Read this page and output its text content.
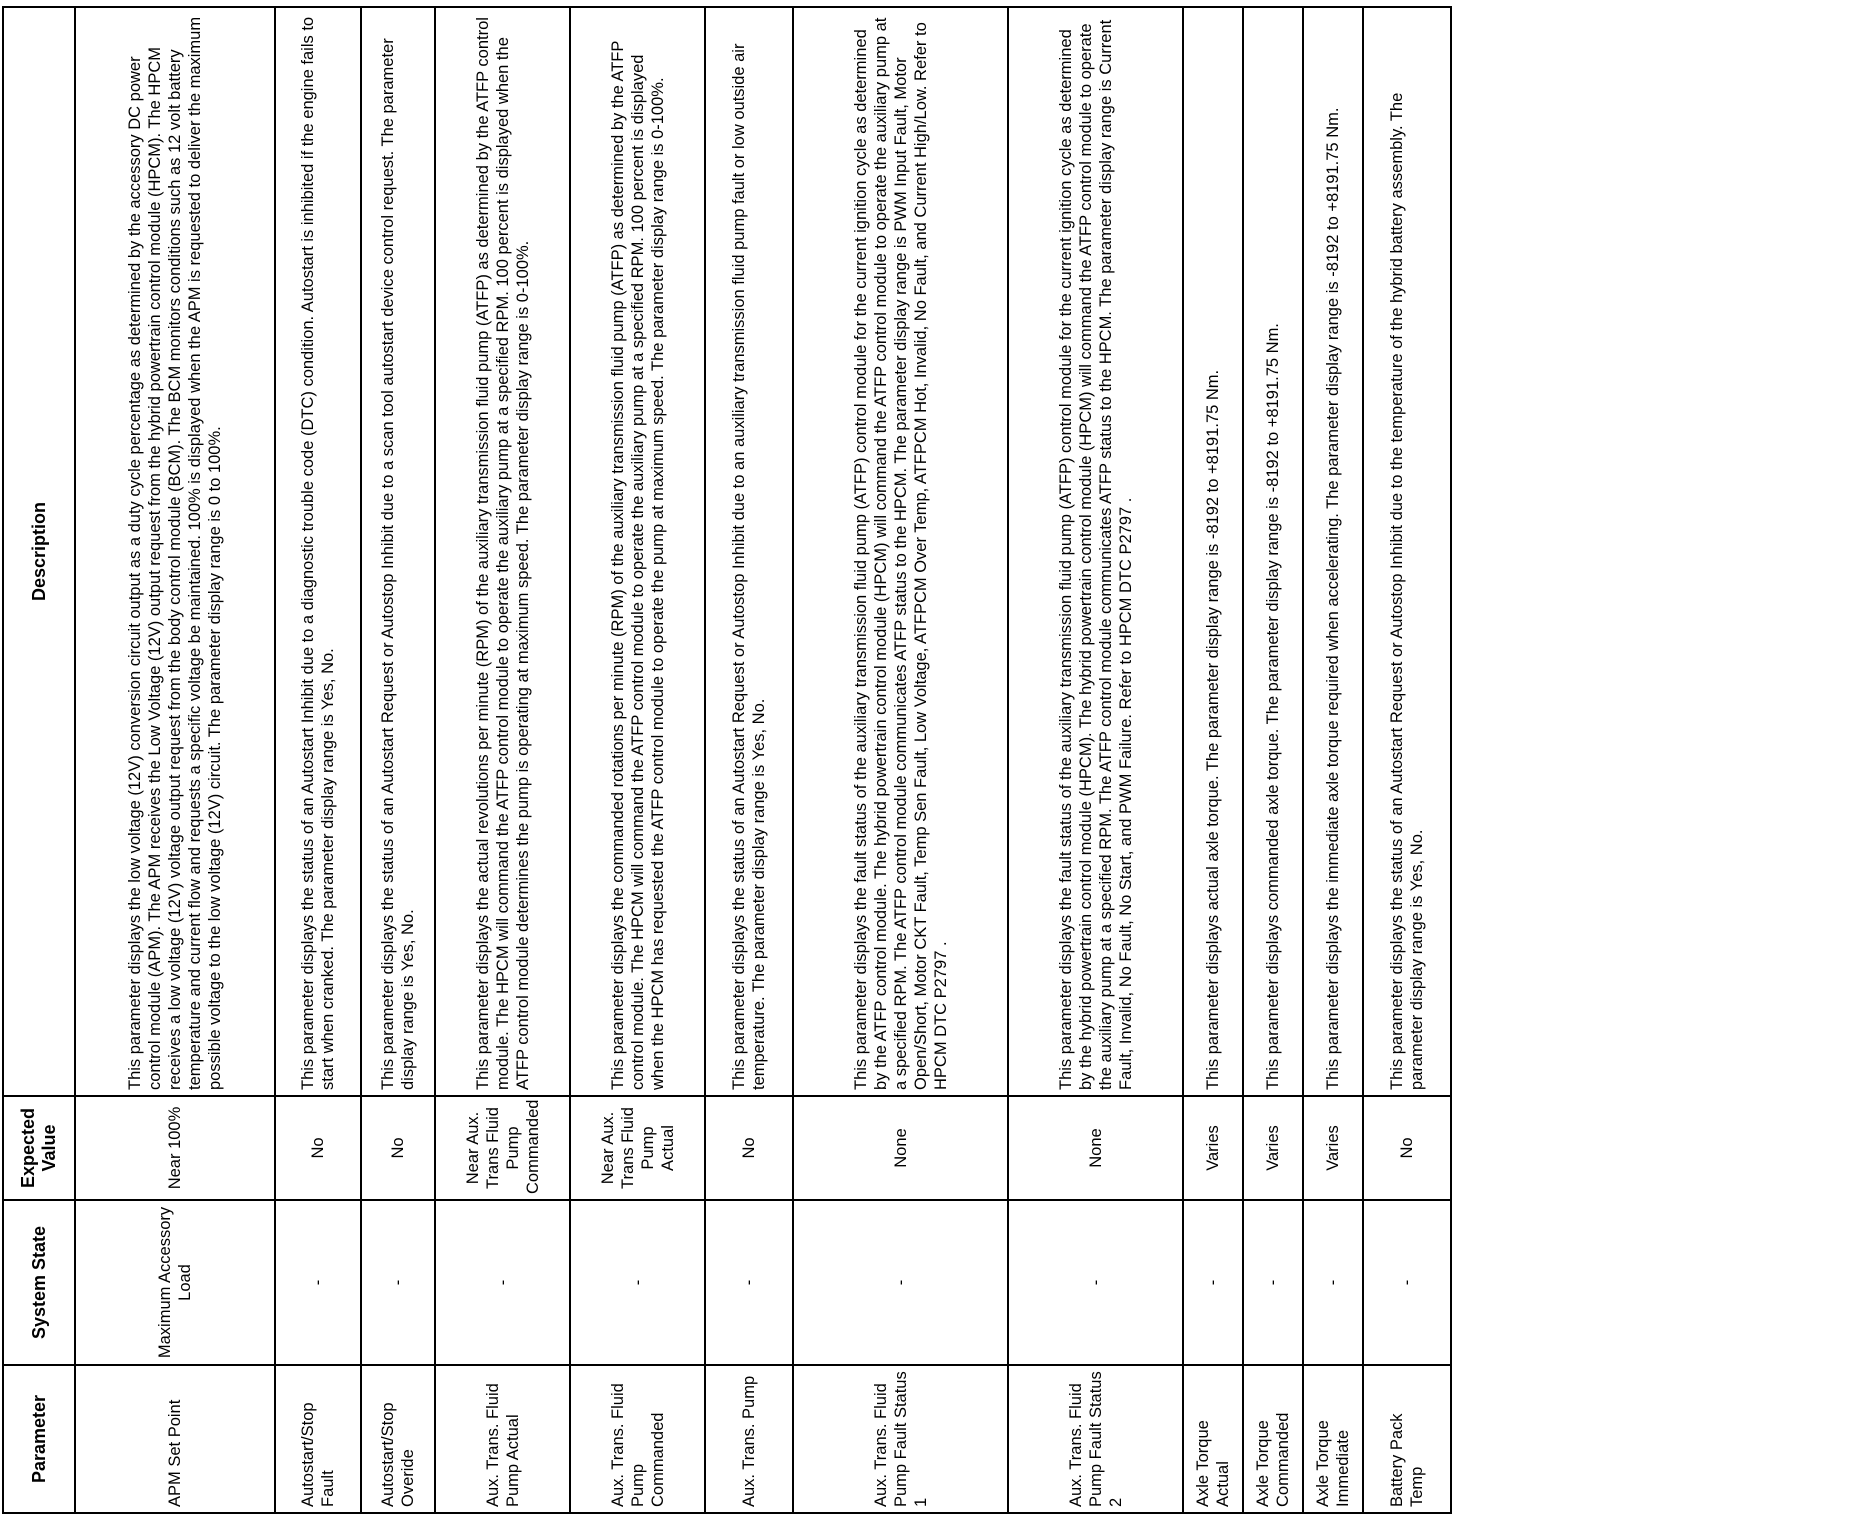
Parameter	System State	Expected Value	Description
APM Set Point	Maximum Accessory Load	Near 100%	This parameter displays the low voltage (12V) conversion circuit output as a duty cycle percentage as determined by the accessory DC power control module (APM). The APM receives the Low Voltage (12V) output request from the hybrid powertrain control module (HPCM). The HPCM receives a low voltage (12V) voltage output request from the body control module (BCM). The BCM monitors conditions such as 12 volt battery temperature and current flow and requests a specific voltage be maintained. 100% is displayed when the APM is requested to deliver the maximum possible voltage to the low voltage (12V) circuit. The parameter display range is 0 to 100%.
Autostart/Stop Fault	-	No	This parameter displays the status of an Autostart Inhibit due to a diagnostic trouble code (DTC) condition. Autostart is inhibited if the engine fails to start when cranked. The parameter display range is Yes, No.
Autostart/Stop Overide	-	No	This parameter displays the status of an Autostart Request or Autostop Inhibit due to a scan tool autostart device control request. The parameter display range is Yes, No.
Aux. Trans. Fluid Pump Actual	-	Near Aux. Trans Fluid Pump Commanded	This parameter displays the actual revolutions per minute (RPM) of the auxiliary transmission fluid pump (ATFP) as determined by the ATFP control module. The HPCM will command the ATFP control module to operate the auxiliary pump at a specified RPM. 100 percent is displayed when the ATFP control module determines the pump is operating at maximum speed. The parameter display range is 0-100%.
Aux. Trans. Fluid Pump Commanded	-	Near Aux. Trans Fluid Pump Actual	This parameter displays the commanded rotations per minute (RPM) of the auxiliary transmission fluid pump (ATFP) as determined by the ATFP control module. The HPCM will command the ATFP control module to operate the auxiliary pump at a specified RPM. 100 percent is displayed when the HPCM has requested the ATFP control module to operate the pump at maximum speed. The parameter display range is 0-100%.
Aux. Trans. Pump	-	No	This parameter displays the status of an Autostart Request or Autostop Inhibit due to an auxiliary transmission fluid pump fault or low outside air temperature. The parameter display range is Yes, No.
Aux. Trans. Fluid Pump Fault Status 1	-	None	This parameter displays the fault status of the auxiliary transmission fluid pump (ATFP) control module for the current ignition cycle as determined by the ATFP control module. The hybrid powertrain control module (HPCM) will command the ATFP control module to operate the auxiliary pump at a specified RPM. The ATFP control module communicates ATFP status to the HPCM. The parameter display range is PWM Input Fault, Motor Open/Short, Motor CKT Fault, Temp Sen Fault, Low Voltage, ATFPCM Over Temp, ATFPCM Hot, Invalid, No Fault, and Current High/Low. Refer to HPCM DTC P2797 .
Aux. Trans. Fluid Pump Fault Status 2	-	None	This parameter displays the fault status of the auxiliary transmission fluid pump (ATFP) control module for the current ignition cycle as determined by the hybrid powertrain control module (HPCM). The hybrid powertrain control module (HPCM) will command the ATFP control module to operate the auxiliary pump at a specified RPM. The ATFP control module communicates ATFP status to the HPCM. The parameter display range is Current Fault, Invalid, No Fault, No Start, and PWM Failure. Refer to HPCM DTC P2797 .
Axle Torque Actual	-	Varies	This parameter displays actual axle torque. The parameter display range is -8192 to +8191.75 Nm.
Axle Torque Commanded	-	Varies	This parameter displays commanded axle torque. The parameter display range is -8192 to +8191.75 Nm.
Axle Torque Immediate	-	Varies	This parameter displays the immediate axle torque required when accelerating. The parameter display range is -8192 to +8191.75 Nm.
Battery Pack Temp	-	No	This parameter displays the status of an Autostart Request or Autostop Inhibit due to the temperature of the hybrid battery assembly. The parameter display range is Yes, No.
